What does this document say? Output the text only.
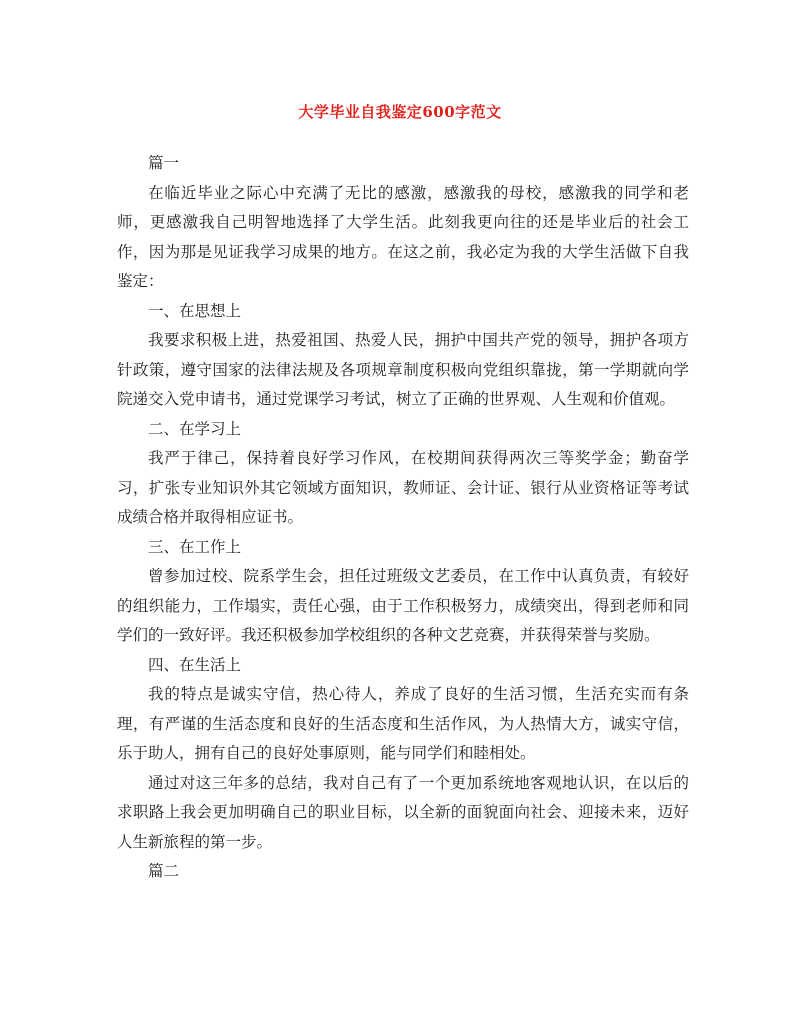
大学毕业自我鉴定600字范文

篇一

在临近毕业之际心中充满了无比的感激，感激我的母校，感激我的同学和老师，更感激我自己明智地选择了大学生活。此刻我更向往的还是毕业后的社会工作，因为那是见证我学习成果的地方。在这之前，我必定为我的大学生活做下自我鉴定：

一、在思想上

我要求积极上进，热爱祖国、热爱人民，拥护中国共产党的领导，拥护各项方针政策，遵守国家的法律法规及各项规章制度积极向党组织靠拢，第一学期就向学院递交入党申请书，通过党课学习考试，树立了正确的世界观、人生观和价值观。

二、在学习上

我严于律己，保持着良好学习作风，在校期间获得两次三等奖学金；勤奋学习，扩张专业知识外其它领域方面知识，教师证、会计证、银行从业资格证等考试成绩合格并取得相应证书。

三、在工作上

曾参加过校、院系学生会，担任过班级文艺委员，在工作中认真负责，有较好的组织能力，工作塌实，责任心强，由于工作积极努力，成绩突出，得到老师和同学们的一致好评。我还积极参加学校组织的各种文艺竞赛，并获得荣誉与奖励。

四、在生活上

我的特点是诚实守信，热心待人，养成了良好的生活习惯，生活充实而有条理，有严谨的生活态度和良好的生活态度和生活作风，为人热情大方，诚实守信，乐于助人，拥有自己的良好处事原则，能与同学们和睦相处。

通过对这三年多的总结，我对自己有了一个更加系统地客观地认识，在以后的求职路上我会更加明确自己的职业目标，以全新的面貌面向社会、迎接未来，迈好人生新旅程的第一步。

篇二
